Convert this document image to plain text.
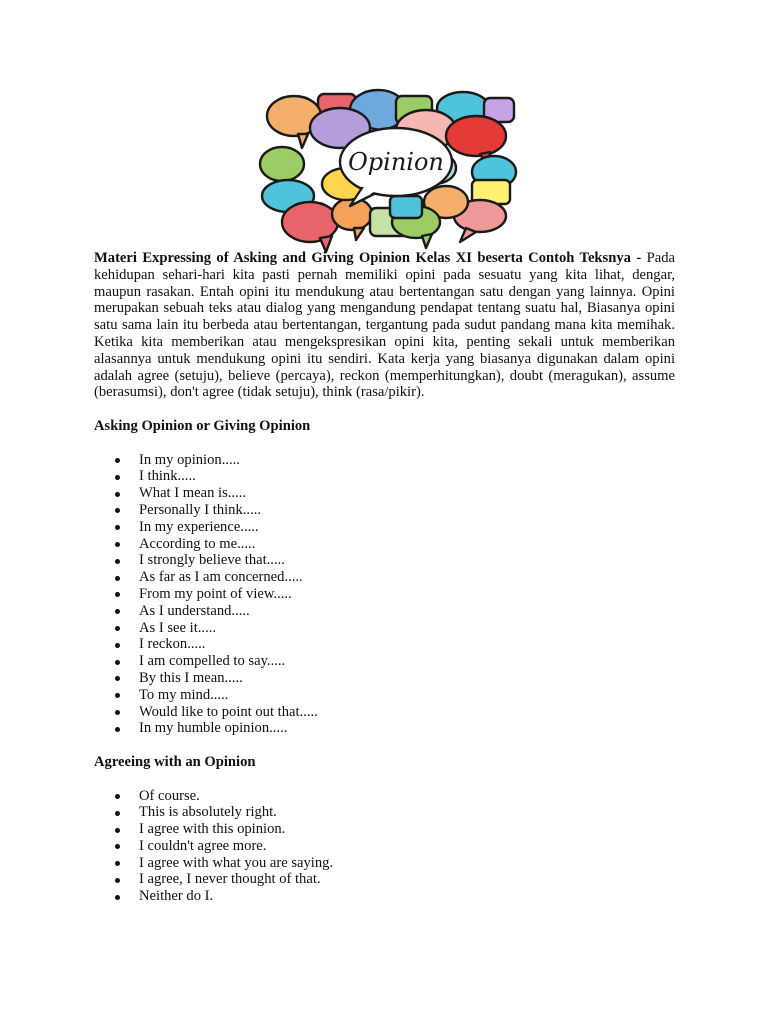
Opinion

Materi Expressing of Asking and Giving Opinion Kelas XI beserta Contoh Teksnya - Pada kehidupan sehari-hari kita pasti pernah memiliki opini pada sesuatu yang kita lihat, dengar, maupun rasakan. Entah opini itu mendukung atau bertentangan satu dengan yang lainnya. Opini merupakan sebuah teks atau dialog yang mengandung pendapat tentang suatu hal, Biasanya opini satu sama lain itu berbeda atau bertentangan, tergantung pada sudut pandang mana kita memihak. Ketika kita memberikan atau mengekspresikan opini kita, penting sekali untuk memberikan alasannya untuk mendukung opini itu sendiri. Kata kerja yang biasanya digunakan dalam opini adalah agree (setuju), believe (percaya), reckon (memperhitungkan), doubt (meragukan), assume (berasumsi), don't agree (tidak setuju), think (rasa/pikir).

Asking Opinion or Giving Opinion
In my opinion.....
I think.....
What I mean is.....
Personally I think.....
In my experience.....
According to me.....
I strongly believe that.....
As far as I am concerned.....
From my point of view.....
As I understand.....
As I see it.....
I reckon.....
I am compelled to say.....
By this I mean.....
To my mind.....
Would like to point out that.....
In my humble opinion.....
Agreeing with an Opinion
Of course.
This is absolutely right.
I agree with this opinion.
I couldn't agree more.
I agree with what you are saying.
I agree, I never thought of that.
Neither do I.
